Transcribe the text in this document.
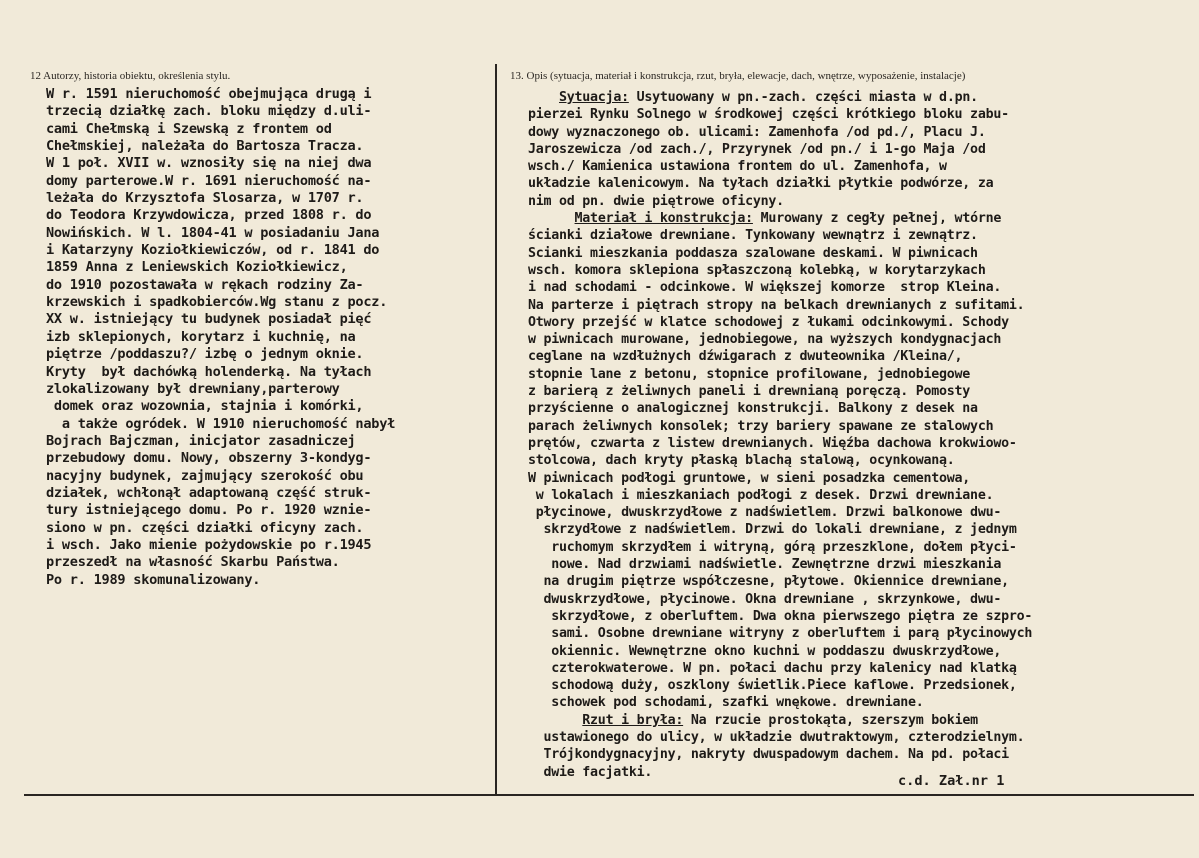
12 Autorzy, historia obiektu, określenia stylu.	13. Opis (sytuacja, materiał i konstrukcja, rzut, bryła, elewacje, dach, wnętrze, wyposażenie, instalacje)
W r. 1591 nieruchomość obejmująca drugą i
trzecią działkę zach. bloku między d.uli-
cami Chełmską i Szewską z frontem od
Chełmskiej, należała do Bartosza Tracza.
W 1 poł. XVII w. wznosiły się na niej dwa
domy parterowe.W r. 1691 nieruchomość na-
leżała do Krzysztofa Slosarza, w 1707 r.
do Teodora Krzywdowicza, przed 1808 r. do
Nowińskich. W l. 1804-41 w posiadaniu Jana
i Katarzyny Koziołkiewiczów, od r. 1841 do
1859 Anna z Leniewskich Koziołkiewicz,
do 1910 pozostawała w rękach rodziny Za-
krzewskich i spadkobierców.Wg stanu z pocz.
XX w. istniejący tu budynek posiadał pięć
izb sklepionych, korytarz i kuchnię, na
piętrze /poddaszu?/ izbę o jednym oknie.
Kryty  był dachówką holenderką. Na tyłach
zlokalizowany był drewniany,parterowy
domek oraz wozownia, stajnia i komórki,
a także ogródek. W 1910 nieruchomość nabył
Bojrach Bajczman, inicjator zasadniczej
przebudowy domu. Nowy, obszerny 3-kondyg-
nacyjny budynek, zajmujący szerokość obu
działek, wchłonął adaptowaną część struk-
tury istniejącego domu. Po r. 1920 wznie-
siono w pn. części działki oficyny zach.
i wsch. Jako mienie pożydowskie po r.1945
przeszedł na własność Skarbu Państwa.
Po r. 1989 skomunalizowany.
Sytuacja: Usytuowany w pn.-zach. części miasta w d.pn.
pierzei Rynku Solnego w środkowej części krótkiego bloku zabu-
dowy wyznaczonego ob. ulicami: Zamenhofa /od pd./, Placu J.
Jaroszewicza /od zach./, Przyrynek /od pn./ i 1-go Maja /od
wsch./ Kamienica ustawiona frontem do ul. Zamenhofa, w
układzie kalenicowym. Na tyłach działki płytkie podwórze, za
nim od pn. dwie piętrowe oficyny.
Materiał i konstrukcja: Murowany z cegły pełnej, wtórne
ścianki działowe drewniane. Tynkowany wewnątrz i zewnątrz.
Scianki mieszkania poddasza szalowane deskami. W piwnicach
wsch. komora sklepiona spłaszczoną kolebką, w korytarzykach
i nad schodami - odcinkowe. W większej komorze  strop Kleina.
Na parterze i piętrach stropy na belkach drewnianych z sufitami.
Otwory przejść w klatce schodowej z łukami odcinkowymi. Schody
w piwnicach murowane, jednobiegowe, na wyższych kondygnacjach
ceglane na wzdłużnych dźwigarach z dwuteownika /Kleina/,
stopnie lane z betonu, stopnice profilowane, jednobiegowe
z barierą z żeliwnych paneli i drewnianą poręczą. Pomosty
przyścienne o analogicznej konstrukcji. Balkony z desek na
parach żeliwnych konsolek; trzy bariery spawane ze stalowych
prętów, czwarta z listew drewnianych. Więźba dachowa krokwiowo-
stolcowa, dach kryty płaską blachą stalową, ocynkowaną.
W piwnicach podłogi gruntowe, w sieni posadzka cementowa,
w lokalach i mieszkaniach podłogi z desek. Drzwi drewniane.
płycinowe, dwuskrzydłowe z nadświetlem. Drzwi balkonowe dwu-
skrzydłowe z nadświetlem. Drzwi do lokali drewniane, z jednym
ruchomym skrzydłem i witryną, górą przeszklone, dołem płyci-
nowe. Nad drzwiami nadświetle. Zewnętrzne drzwi mieszkania
na drugim piętrze współczesne, płytowe. Okiennice drewniane,
dwuskrzydłowe, płycinowe. Okna drewniane , skrzynkowe, dwu-
skrzydłowe, z oberluftem. Dwa okna pierwszego piętra ze szpro-
sami. Osobne drewniane witryny z oberluftem i parą płycinowych
okiennic. Wewnętrzne okno kuchni w poddaszu dwuskrzydłowe,
czterokwaterowe. W pn. połaci dachu przy kalenicy nad klatką
schodową duży, oszklony świetlik.Piece kaflowe. Przedsionek,
schowek pod schodami, szafki wnękowe. drewniane.
Rzut i bryła: Na rzucie prostokąta, szerszym bokiem
ustawionego do ulicy, w układzie dwutraktowym, czterodzielnym.
Trójkondygnacyjny, nakryty dwuspadowym dachem. Na pd. połaci
dwie facjatki.
c.d. Zał.nr 1
